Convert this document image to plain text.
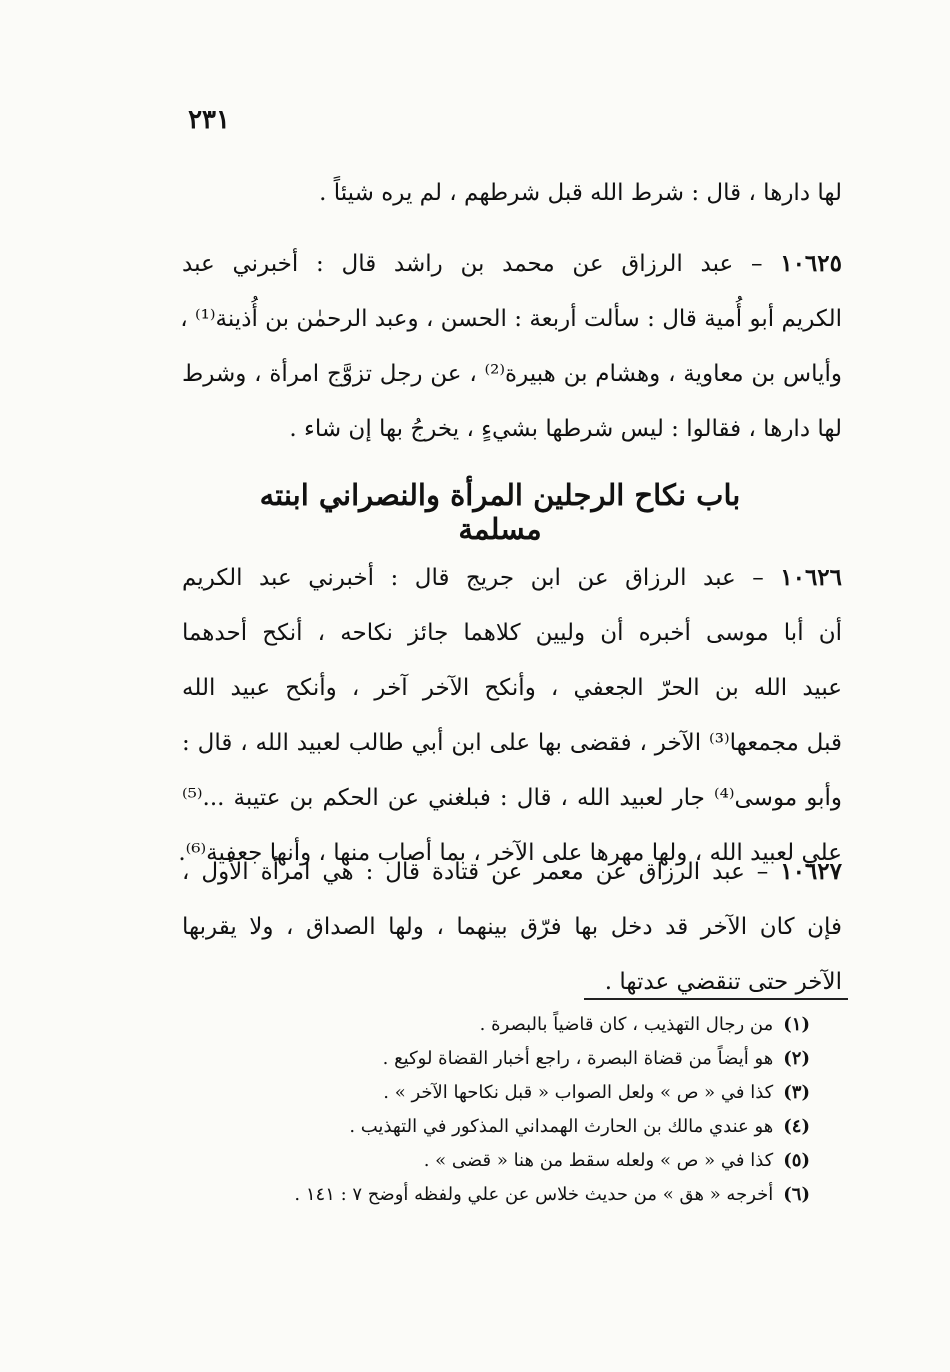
٢٣١
لها دارها ، قال : شرط الله قبل شرطهم ، لم يره شيئاً .
١٠٦٢٥ – عبد الرزاق عن محمد بن راشد قال : أخبرني عبد
الكريم أبو أُمية قال : سألت أربعة : الحسن ، وعبد الرحمٰن بن أُذينة⁽¹⁾ ،
وأياس بن معاوية ، وهشام بن هبيرة⁽²⁾ ، عن رجل تزوَّج امرأة ، وشرط
لها دارها ، فقالوا : ليس شرطها بشيءٍ ، يخرجُ بها إن شاء .
باب نكاح الرجلين المرأة والنصراني ابنته مسلمة
١٠٦٢٦ – عبد الرزاق عن ابن جريج قال : أخبرني عبد الكريم
أن أبا موسى أخبره أن وليين كلاهما جائز نكاحه ، أنكح أحدهما
عبيد الله بن الحرّ الجعفي ، وأنكح الآخر آخر ، وأنكح عبيد الله
قبل مجمعها⁽³⁾ الآخر ، فقضى بها على ابن أبي طالب لعبيد الله ، قال :
وأبو موسى⁽⁴⁾ جار لعبيد الله ، قال : فبلغني عن الحكم بن عتيبة ...⁽⁵⁾
علي لعبيد الله ، ولها مهرها على الآخر ، بما أصاب منها ، وأنها جعفية⁽⁶⁾.
١٠٦٢٧ – عبد الرزاق عن معمر عن قتادة قال : هي امرأة الأول ،
فإن كان الآخر قد دخل بها فرّق بينهما ، ولها الصداق ، ولا يقربها
الآخر حتى تنقضي عدتها .
(١)من رجال التهذيب ، كان قاضياً بالبصرة .
(٢)هو أيضاً من قضاة البصرة ، راجع أخبار القضاة لوكيع .
(٣)كذا في « ص » ولعل الصواب « قبل نكاحها الآخر » .
(٤)هو عندي مالك بن الحارث الهمداني المذكور في التهذيب .
(٥)كذا في « ص » ولعله سقط من هنا « قضى » .
(٦)أخرجه « هق » من حديث خلاس عن علي ولفظه أوضح ٧ : ١٤١ .
